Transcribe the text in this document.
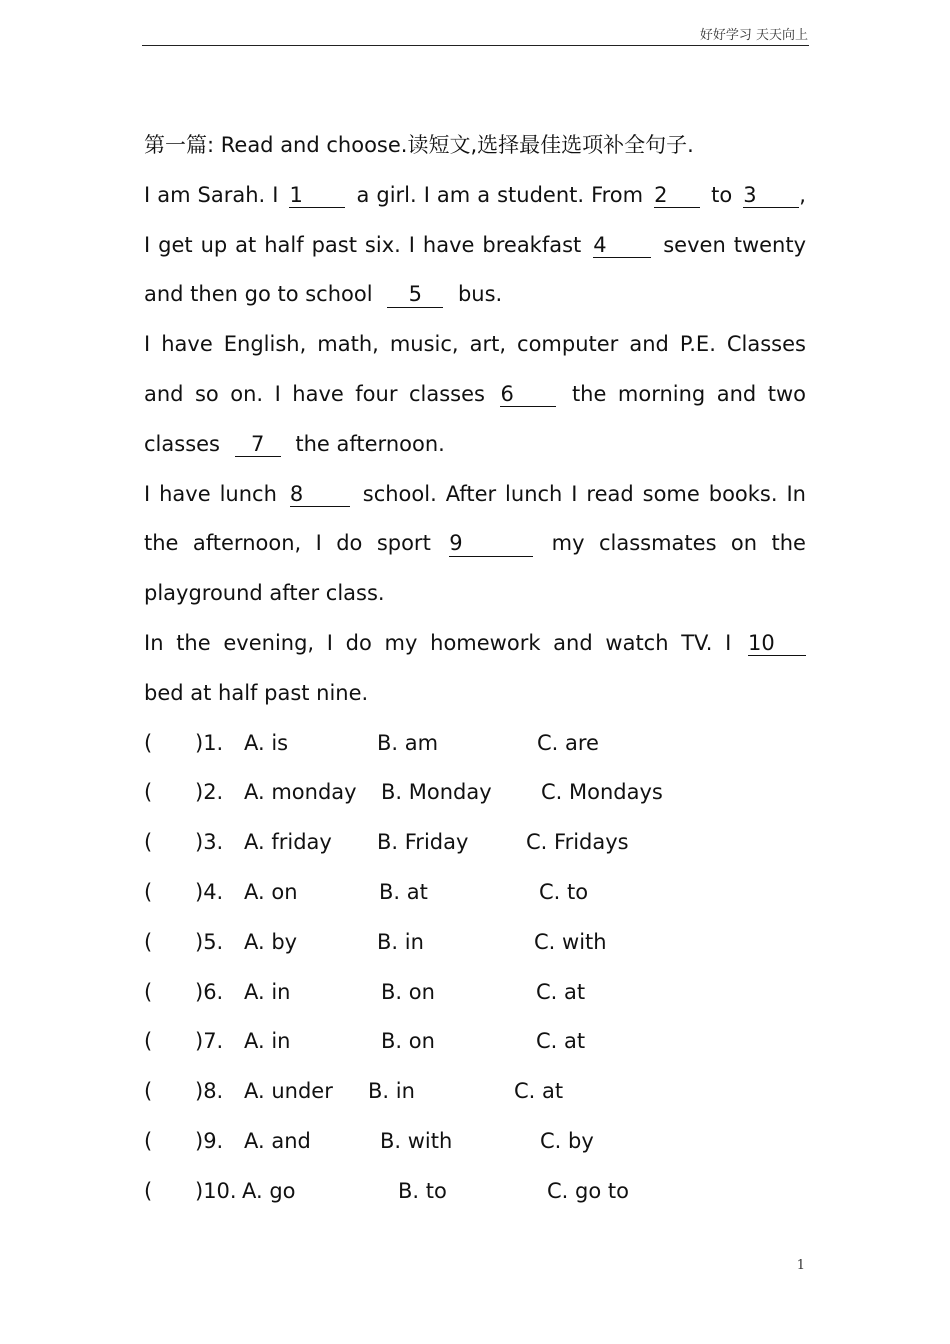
好好学习 天天向上
第一篇: Read and choose.读短文,选择最佳选项补全句子.
I am Sarah. I 1	a girl. I am a student. From 2 to 3 ,
I get up at half past six. I have breakfast 4	seven twenty
and then go to school 5 bus.
I have English, math, music, art, computer and P.E. Classes
and so on. I have four classes 6	the morning and two
classes 7 the afternoon.
I have lunch 8	school. After lunch I read some books. In
the afternoon, I do sport 9	my classmates on the
playground after class.
In the evening, I do my homework and watch TV. I 10
bed at half past nine.
(	)1. A. is	B. am	C. are
(	)2. A. monday	B. Monday	C. Mondays
(	)3. A. friday	B. Friday	C. Fridays
(	)4. A. on	B. at	C. to
(	)5. A. by	B. in	C. with
(	)6. A. in	B. on	C. at
(	)7. A. in	B. on	C. at
(	)8. A. under	B. in	C. at
(	)9. A. and	B. with	C. by
(	)10. A. go	B. to	C. go to
1
